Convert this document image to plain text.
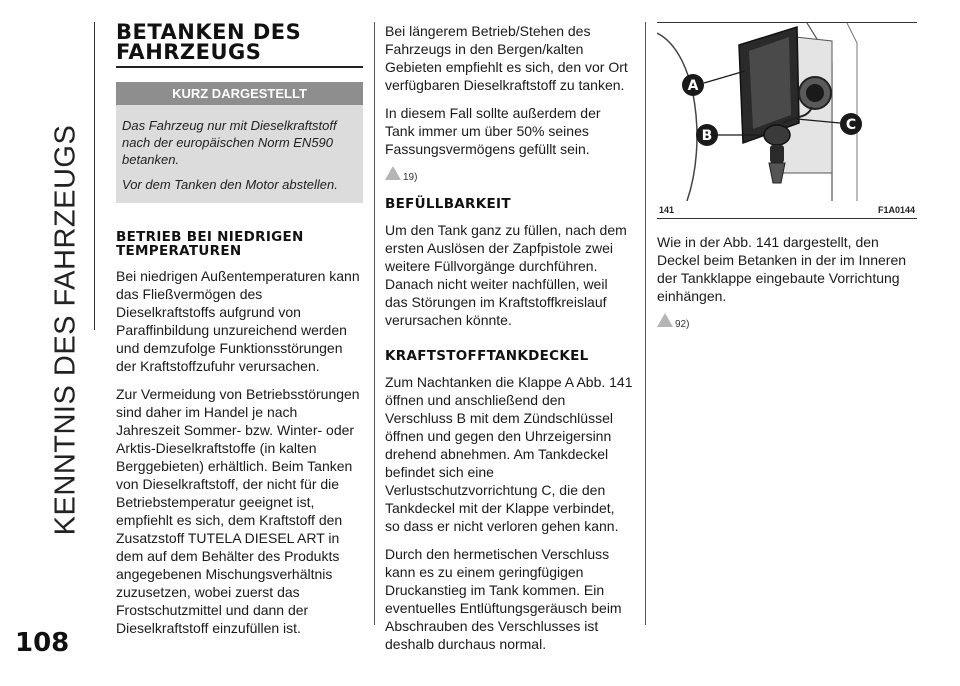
KENNTNIS DES FAHRZEUGS
108
BETANKEN DES FAHRZEUGS
KURZ DARGESTELLT

Das Fahrzeug nur mit Dieselkraftstoff nach der europäischen Norm EN590 betanken.

Vor dem Tanken den Motor abstellen.

BETRIEB BEI NIEDRIGEN TEMPERATUREN

Bei niedrigen Außentemperaturen kann das Fließvermögen des Dieselkraftstoffs aufgrund von Paraffinbildung unzureichend werden und demzufolge Funktionsstörungen der Kraftstoffzufuhr verursachen.

Zur Vermeidung von Betriebsstörungen sind daher im Handel je nach Jahreszeit Sommer- bzw. Winter- oder Arktis-Dieselkraftstoffe (in kalten Berggebieten) erhältlich. Beim Tanken von Dieselkraftstoff, der nicht für die Betriebstemperatur geeignet ist, empfiehlt es sich, dem Kraftstoff den Zusatzstoff TUTELA DIESEL ART in dem auf dem Behälter des Produkts angegebenen Mischungsverhältnis zuzusetzen, wobei zuerst das Frostschutzmittel und dann der Dieselkraftstoff einzufüllen ist.

Bei längerem Betrieb/Stehen des Fahrzeugs in den Bergen/kalten Gebieten empfiehlt es sich, den vor Ort verfügbaren Dieselkraftstoff zu tanken.

In diesem Fall sollte außerdem der Tank immer um über 50% seines Fassungsvermögens gefüllt sein.

19)
BEFÜLLBARKEIT

Um den Tank ganz zu füllen, nach dem ersten Auslösen der Zapfpistole zwei weitere Füllvorgänge durchführen. Danach nicht weiter nachfüllen, weil das Störungen im Kraftstoffkreislauf verursachen könnte.

KRAFTSTOFFTANKDECKEL

Zum Nachtanken die Klappe A Abb. 141 öffnen und anschließend den Verschluss B mit dem Zündschlüssel öffnen und gegen den Uhrzeigersinn drehend abnehmen. Am Tankdeckel befindet sich eine Verlustschutzvorrichtung C, die den Tankdeckel mit der Klappe verbindet, so dass er nicht verloren gehen kann.

Durch den hermetischen Verschluss kann es zu einem geringfügigen Druckanstieg im Tank kommen. Ein eventuelles Entlüftungsgeräusch beim Abschrauben des Verschlusses ist deshalb durchaus normal.

A
B
C
141	F1A0144

Wie in der Abb. 141 dargestellt, den Deckel beim Betanken in der im Inneren der Tankklappe eingebaute Vorrichtung einhängen.

92)
